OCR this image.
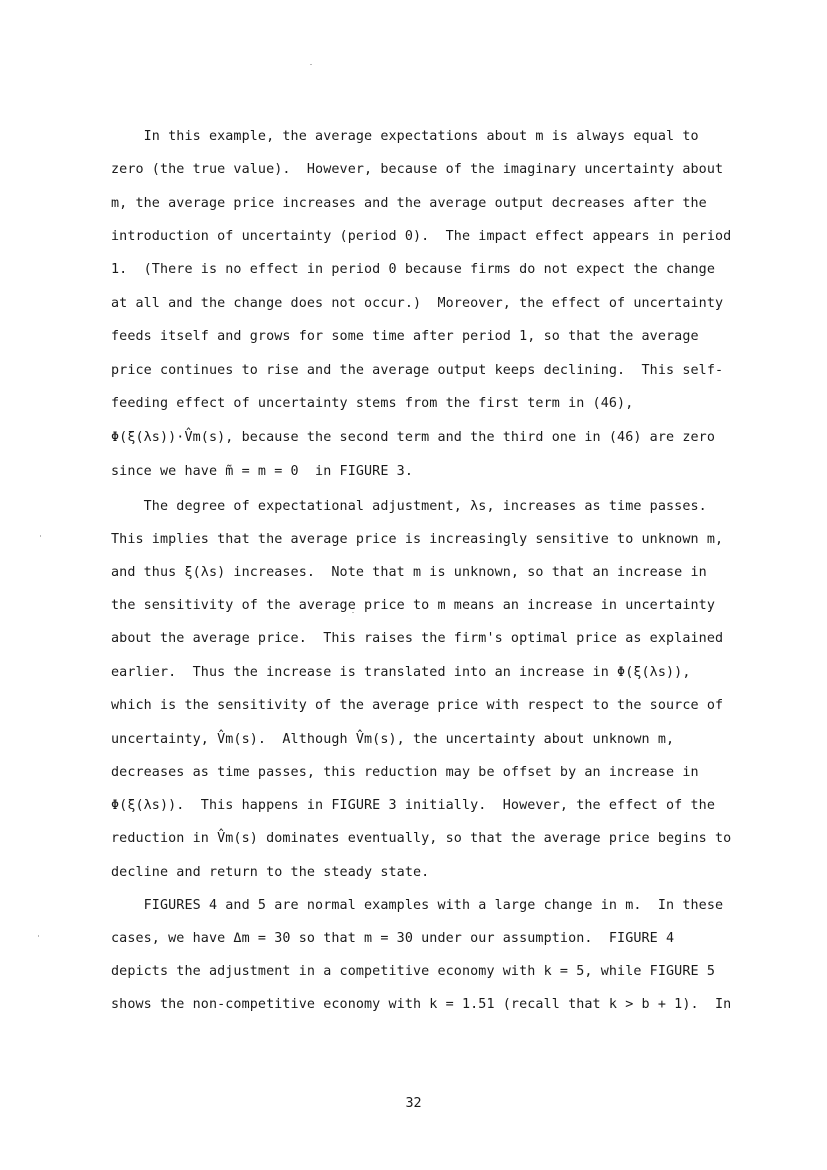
In this example, the average expectations about m is always equal to
zero (the true value).  However, because of the imaginary uncertainty about
m, the average price increases and the average output decreases after the
introduction of uncertainty (period 0).  The impact effect appears in period
1.  (There is no effect in period 0 because firms do not expect the change
at all and the change does not occur.)  Moreover, the effect of uncertainty
feeds itself and grows for some time after period 1, so that the average
price continues to rise and the average output keeps declining.  This self-
feeding effect of uncertainty stems from the first term in (46),
Φ(ξ(λs))·V̂m(s), because the second term and the third one in (46) are zero
since we have m̃ = m = 0  in FIGURE 3.
The degree of expectational adjustment, λs, increases as time passes.
This implies that the average price is increasingly sensitive to unknown m,
and thus ξ(λs) increases.  Note that m is unknown, so that an increase in
the sensitivity of the average price to m means an increase in uncertainty
about the average price.  This raises the firm's optimal price as explained
earlier.  Thus the increase is translated into an increase in Φ(ξ(λs)),
which is the sensitivity of the average price with respect to the source of
uncertainty, V̂m(s).  Although V̂m(s), the uncertainty about unknown m,
decreases as time passes, this reduction may be offset by an increase in
Φ(ξ(λs)).  This happens in FIGURE 3 initially.  However, the effect of the
reduction in V̂m(s) dominates eventually, so that the average price begins to
decline and return to the steady state.
FIGURES 4 and 5 are normal examples with a large change in m.  In these
cases, we have Δm = 30 so that m = 30 under our assumption.  FIGURE 4
depicts the adjustment in a competitive economy with k = 5, while FIGURE 5
shows the non-competitive economy with k = 1.51 (recall that k > b + 1).  In
32
